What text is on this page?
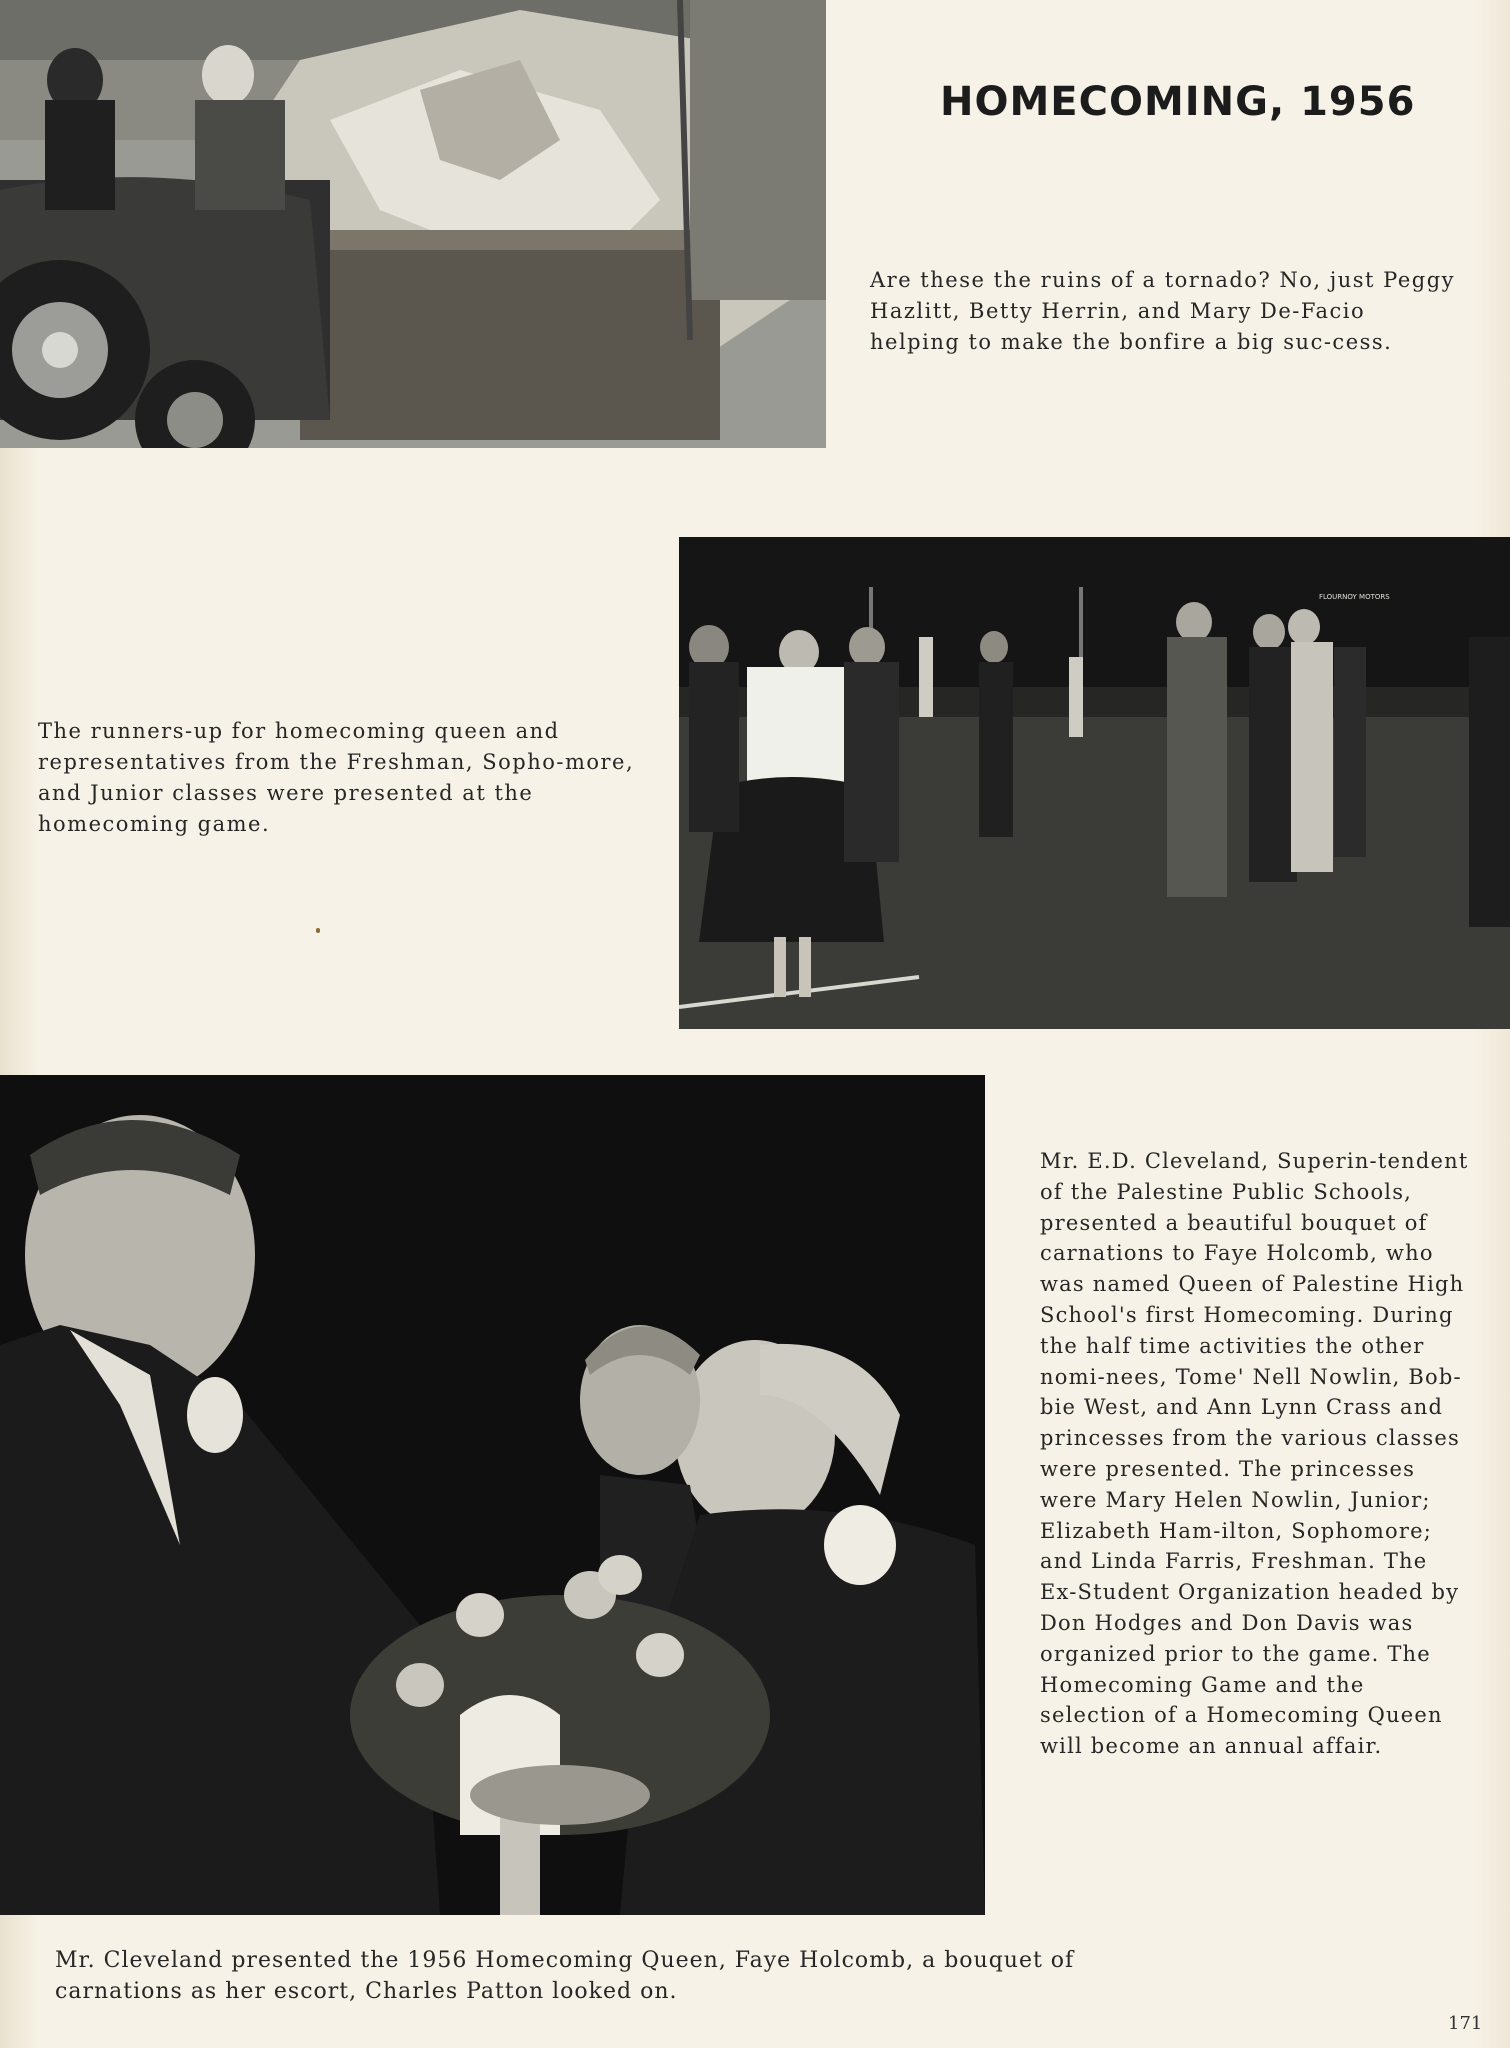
HOMECOMING, 1956

Are these the ruins of a tornado? No, just Peggy Hazlitt, Betty Herrin, and Mary De-Facio helping to make the bonfire a big suc-cess.

The runners-up for homecoming queen and representatives from the Freshman, Sopho-more, and Junior classes were presented at the homecoming game.

FLOURNOY MOTORS

Mr. E.D. Cleveland, Superin-tendent of the Palestine Public Schools, presented a beautiful bouquet of carnations to Faye Holcomb, who was named Queen of Palestine High School's first Homecoming. During the half time activities the other nomi-nees, Tome' Nell Nowlin, Bob-bie West, and Ann Lynn Crass and princesses from the various classes were presented. The princesses were Mary Helen Nowlin, Junior; Elizabeth Ham-ilton, Sophomore; and Linda Farris, Freshman. The Ex-Student Organization headed by Don Hodges and Don Davis was organized prior to the game. The Homecoming Game and the selection of a Homecoming Queen will become an annual affair.

Mr. Cleveland presented the 1956 Homecoming Queen, Faye Holcomb, a bouquet of carnations as her escort, Charles Patton looked on.

171
